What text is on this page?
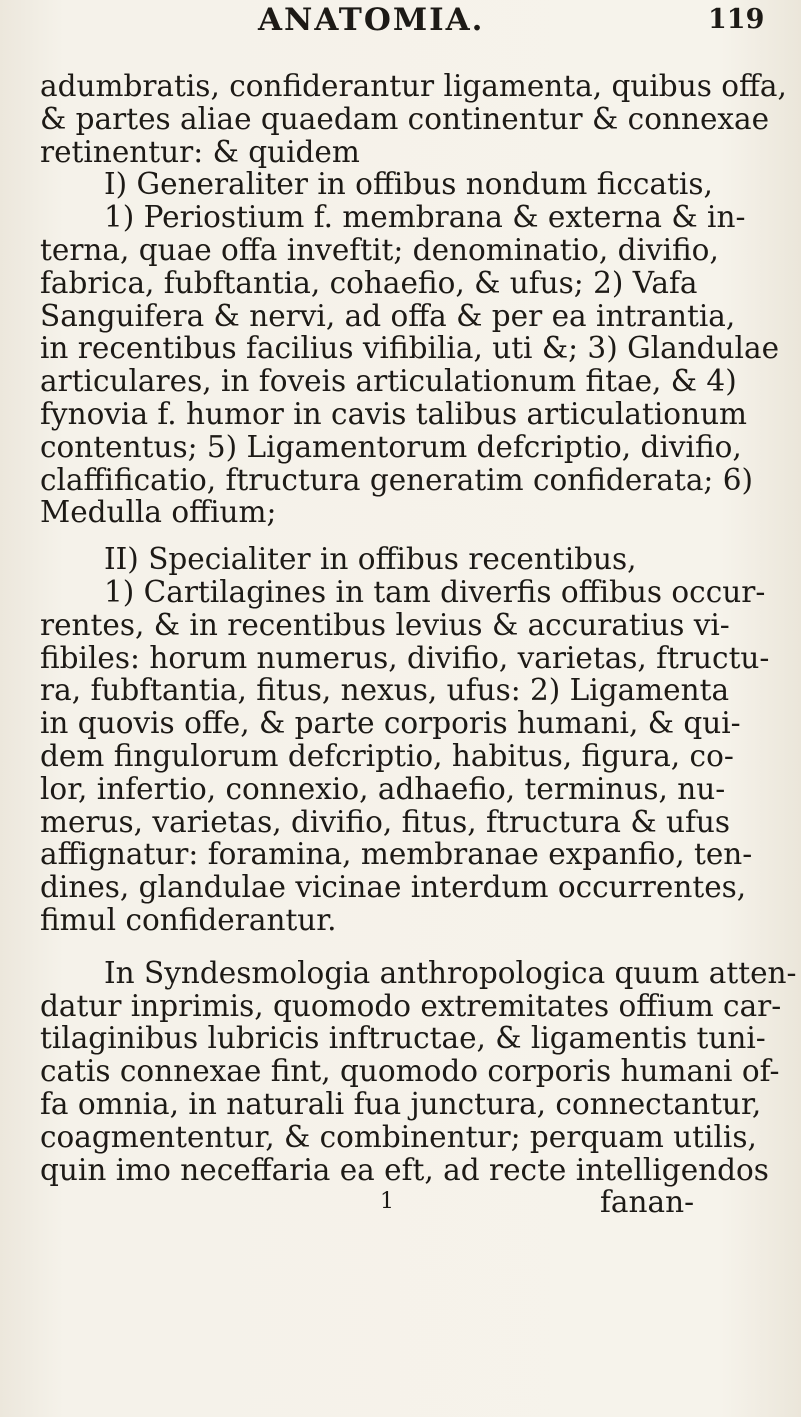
ANATOMIA.	119
adumbratis, confiderantur ligamenta, quibus offa,
& partes aliae quaedam continentur & connexae
retinentur: & quidem
I) Generaliter in offibus nondum ficcatis,
1) Periostium f. membrana & externa & in-
terna, quae offa inveftit; denominatio, divifio,
fabrica, fubftantia, cohaefio, & ufus; 2) Vafa
Sanguifera & nervi, ad offa & per ea intrantia,
in recentibus facilius vifibilia, uti &; 3) Glandulae
articulares, in foveis articulationum fitae, & 4)
fynovia f. humor in cavis talibus articulationum
contentus; 5) Ligamentorum defcriptio, divifio,
claffificatio, ftructura generatim confiderata; 6)
Medulla offium;
II) Specialiter in offibus recentibus,
1) Cartilagines in tam diverfis offibus occur-
rentes, & in recentibus levius & accuratius vi-
fibiles: horum numerus, divifio, varietas, ftructu-
ra, fubftantia, fitus, nexus, ufus: 2) Ligamenta
in quovis offe, & parte corporis humani, & qui-
dem fingulorum defcriptio, habitus, figura, co-
lor, infertio, connexio, adhaefio, terminus, nu-
merus, varietas, divifio, fitus, ftructura & ufus
affignatur: foramina, membranae expanfio, ten-
dines, glandulae vicinae interdum occurrentes,
fimul confiderantur.
In Syndesmologia anthropologica quum atten-
datur inprimis, quomodo extremitates offium car-
tilaginibus lubricis inftructae, & ligamentis tuni-
catis connexae fint, quomodo corporis humani of-
fa omnia, in naturali fua junctura, connectantur,
coagmententur, & combinentur; perquam utilis,
quin imo neceffaria ea eft, ad recte intelligendos
1	fanan-
